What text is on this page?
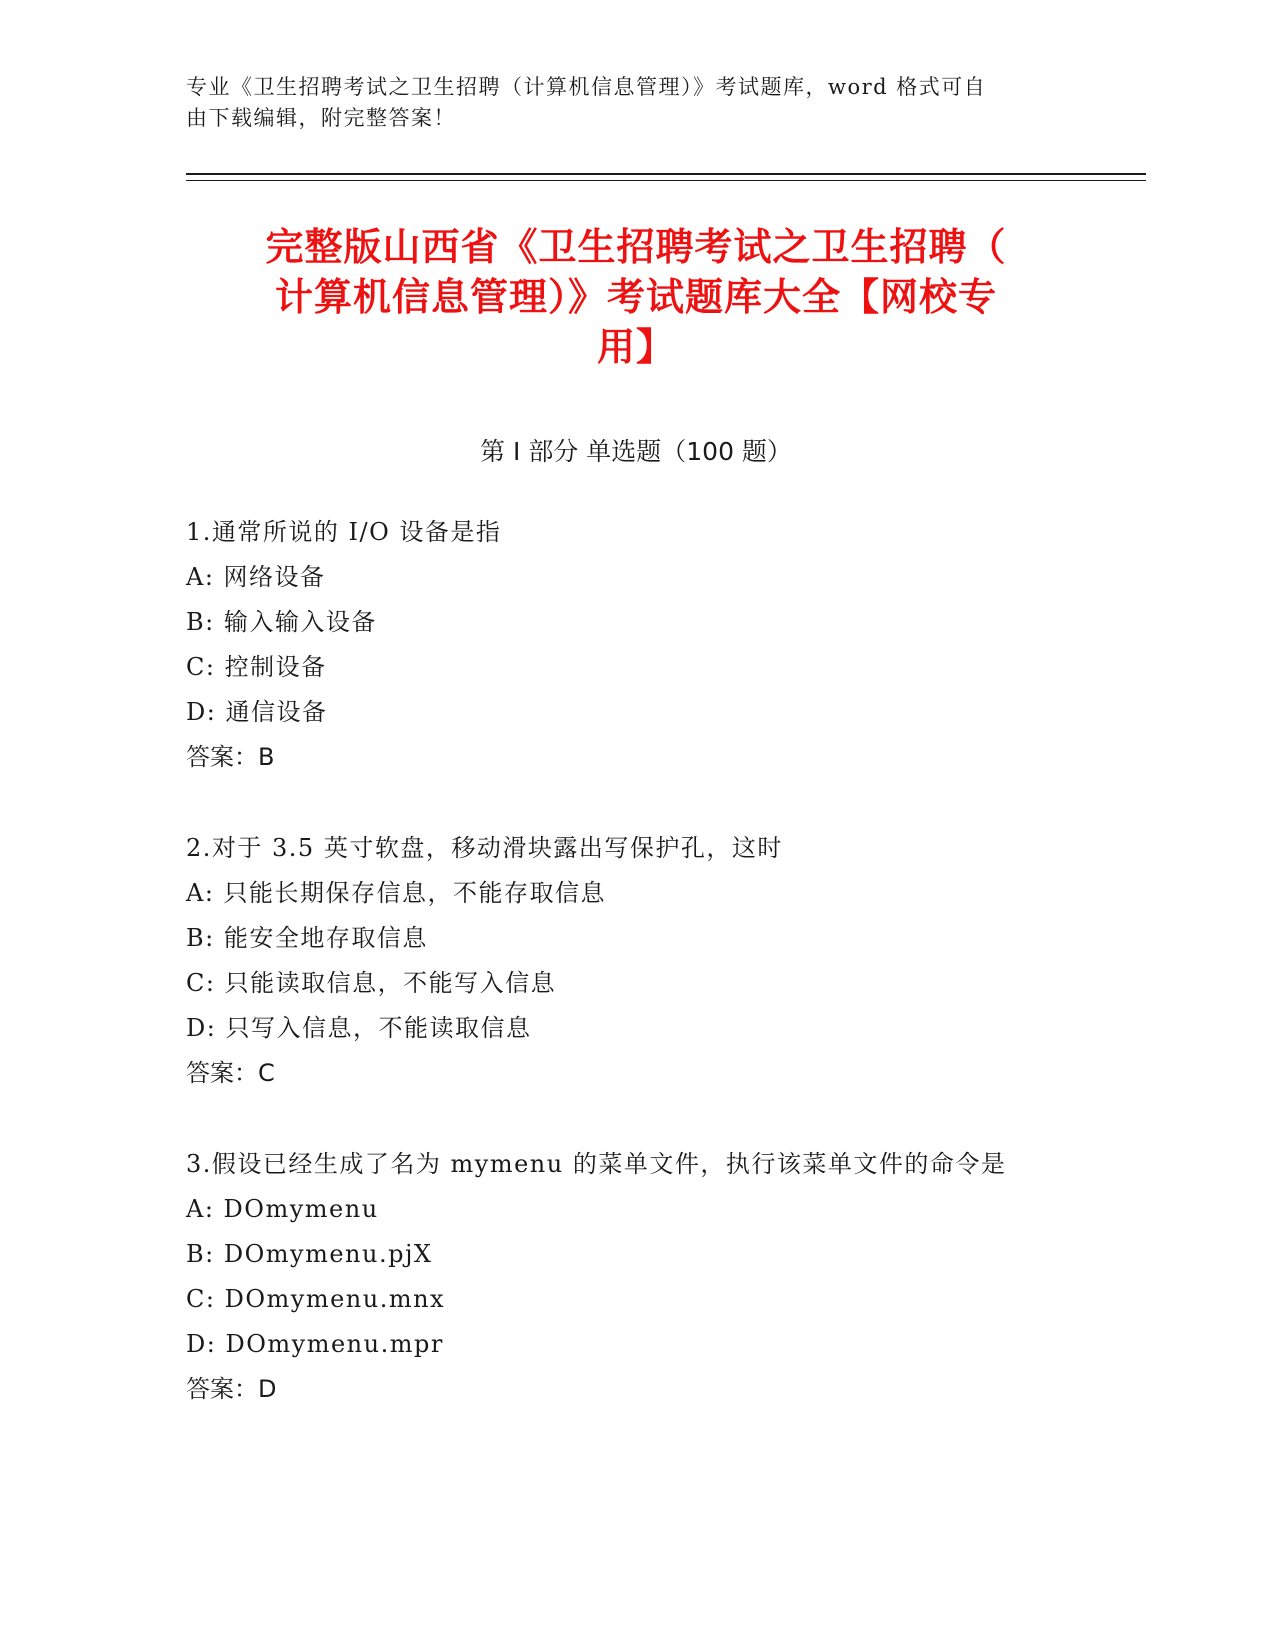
专业《卫生招聘考试之卫生招聘（计算机信息管理）》考试题库，word 格式可自
由下载编辑，附完整答案！
完整版山西省《卫生招聘考试之卫生招聘（
计算机信息管理）》考试题库大全【网校专
用】
第 I 部分 单选题（100 题）
1.通常所说的 I/O 设备是指
A: 网络设备
B: 输入输入设备
C: 控制设备
D: 通信设备
答案：B
2.对于 3.5 英寸软盘，移动滑块露出写保护孔，这时
A: 只能长期保存信息，不能存取信息
B: 能安全地存取信息
C: 只能读取信息，不能写入信息
D: 只写入信息，不能读取信息
答案：C
3.假设已经生成了名为 mymenu 的菜单文件，执行该菜单文件的命令是
A: DOmymenu
B: DOmymenu.pjX
C: DOmymenu.mnx
D: DOmymenu.mpr
答案：D
